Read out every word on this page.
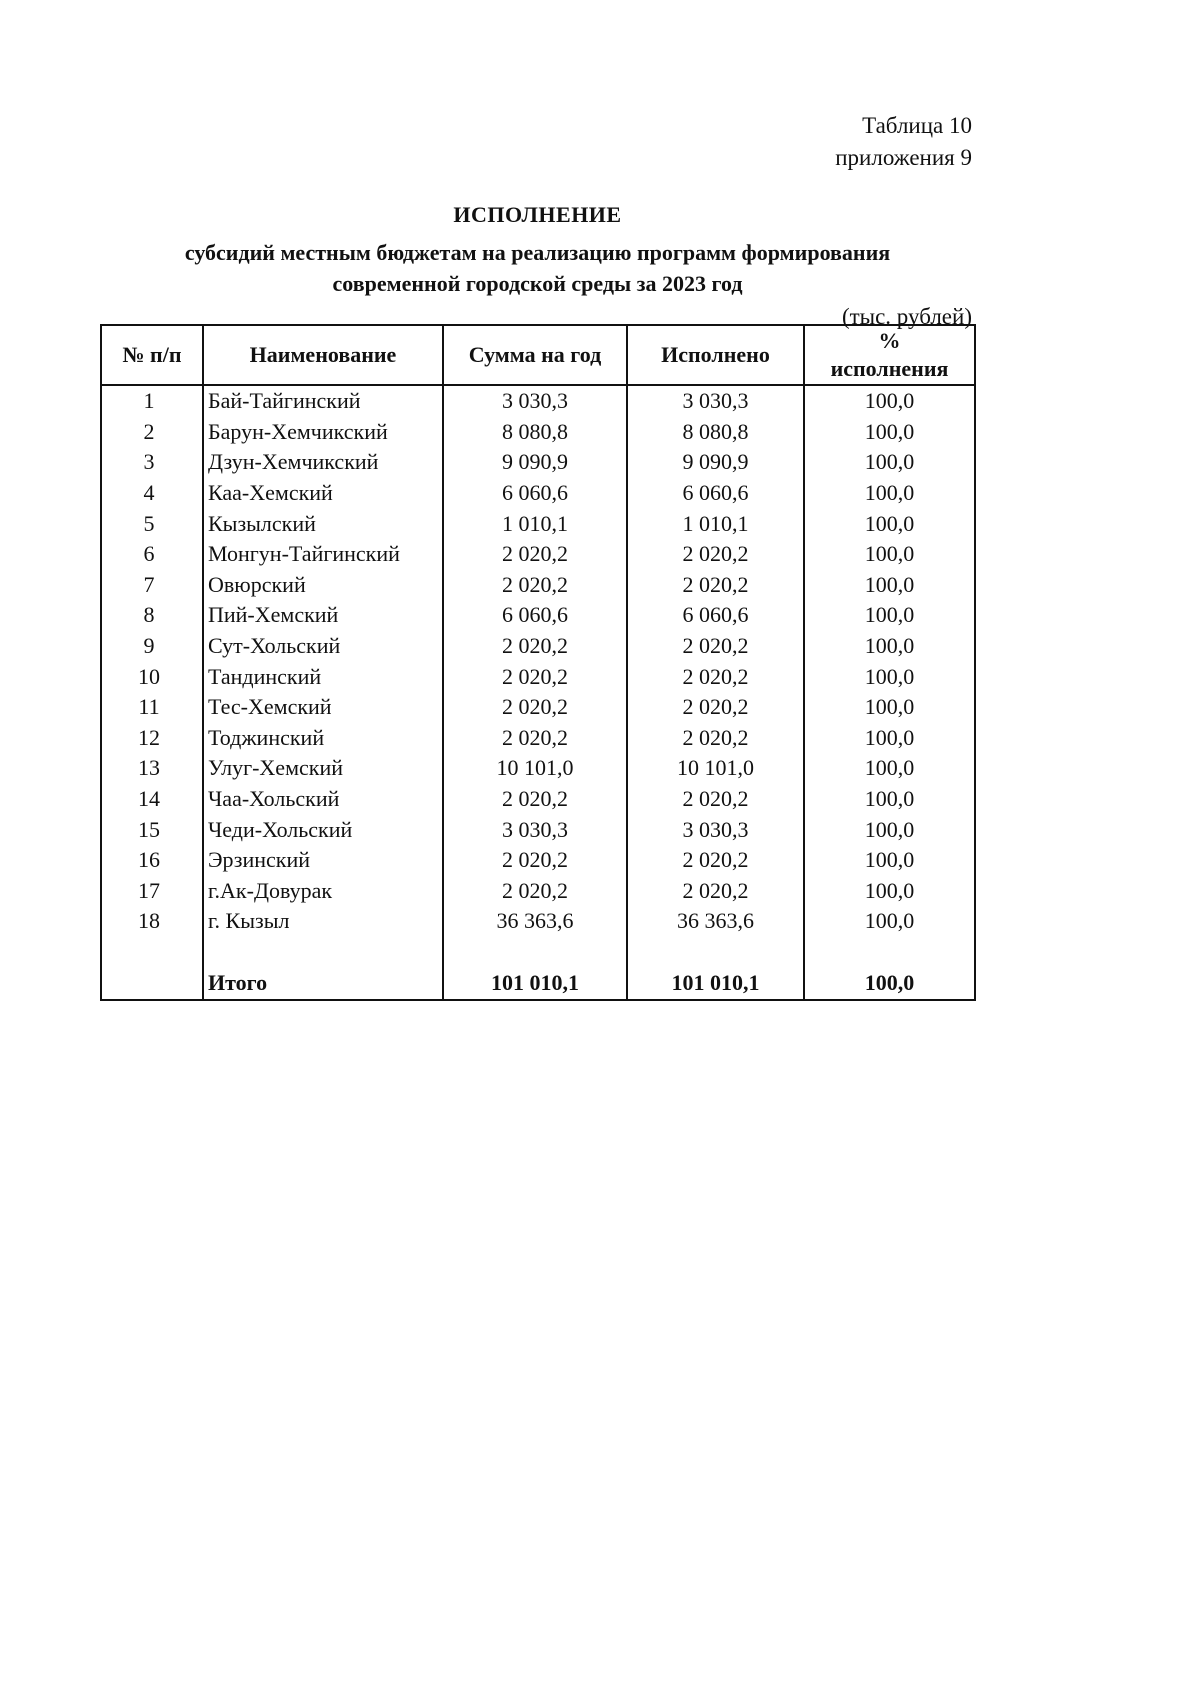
Таблица 10
приложения 9
ИСПОЛНЕНИЕ
субсидий местным бюджетам на реализацию программ формирования
современной городской среды за 2023 год
(тыс. рублей)
№ п/п	Наименование	Сумма на год	Исполнено	%
исполнения

1	Бай-Тайгинский	3 030,3	3 030,3	100,0
2	Барун-Хемчикский	8 080,8	8 080,8	100,0
3	Дзун-Хемчикский	9 090,9	9 090,9	100,0
4	Каа-Хемский	6 060,6	6 060,6	100,0
5	Кызылский	1 010,1	1 010,1	100,0
6	Монгун-Тайгинский	2 020,2	2 020,2	100,0
7	Овюрский	2 020,2	2 020,2	100,0
8	Пий-Хемский	6 060,6	6 060,6	100,0
9	Сут-Хольский	2 020,2	2 020,2	100,0
10	Тандинский	2 020,2	2 020,2	100,0
11	Тес-Хемский	2 020,2	2 020,2	100,0
12	Тоджинский	2 020,2	2 020,2	100,0
13	Улуг-Хемский	10 101,0	10 101,0	100,0
14	Чаа-Хольский	2 020,2	2 020,2	100,0
15	Чеди-Хольский	3 030,3	3 030,3	100,0
16	Эрзинский	2 020,2	2 020,2	100,0
17	г.Ак-Довурак	2 020,2	2 020,2	100,0
18	г. Кызыл	36 363,6	36 363,6	100,0

	Итого	101 010,1	101 010,1	100,0
